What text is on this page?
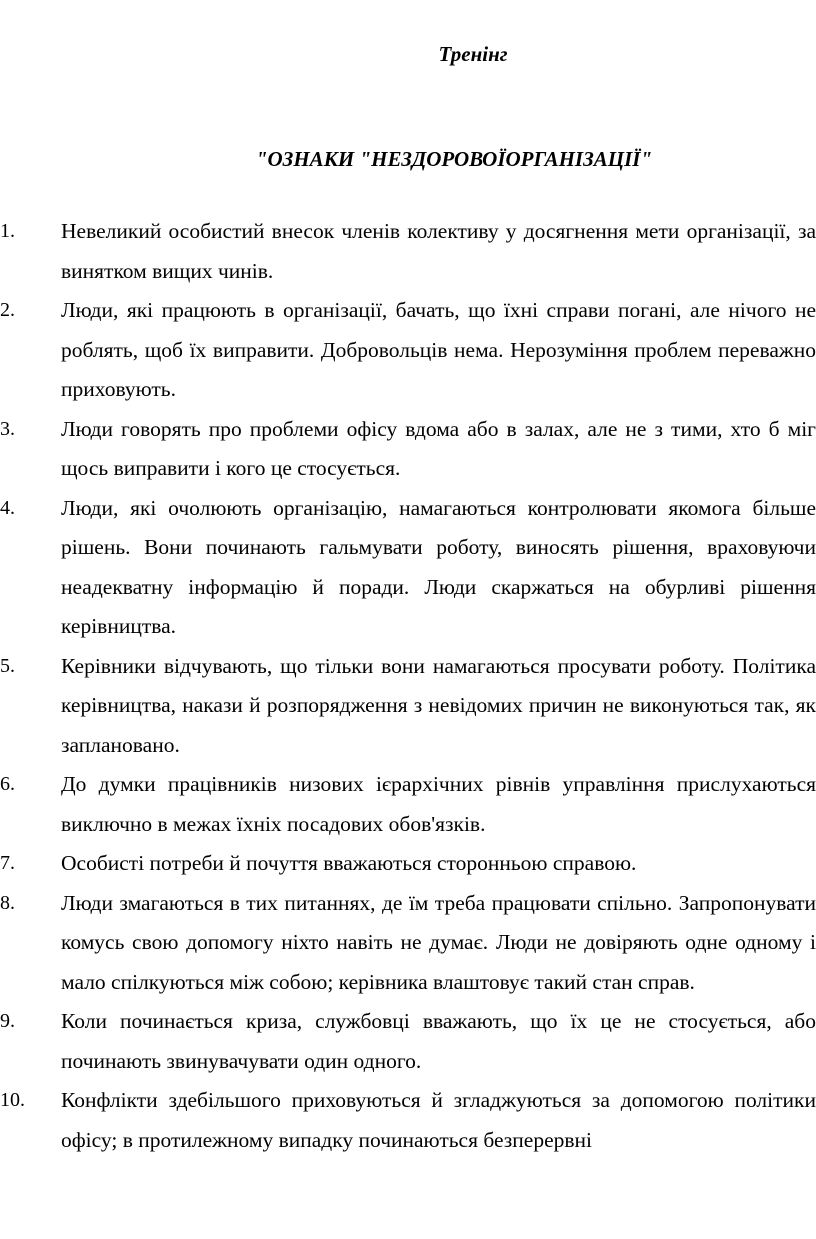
Тренінг
"ОЗНАКИ "НЕЗДОРОВОЇОРГАНІЗАЦІЇ"
1. Невеликий особистий внесок членів колективу у досягнення мети організації, за винятком вищих чинів.
2. Люди, які працюють в організації, бачать, що їхні справи погані, але нічого не роблять, щоб їх виправити. Добровольців нема. Нерозуміння проблем переважно приховують.
3. Люди говорять про проблеми офісу вдома або в залах, але не з тими, хто б міг щось виправити і кого це стосується.
4. Люди, які очолюють організацію, намагаються контролювати якомога більше рішень. Вони починають гальмувати роботу, виносять рішення, враховуючи неадекватну інформацію й поради. Люди скаржаться на обурливі рішення керівництва.
5. Керівники відчувають, що тільки вони намагаються просувати роботу. Політика керівництва, накази й розпорядження з невідомих причин не виконуються так, як заплановано.
6. До думки працівників низових ієрархічних рівнів управління прислухаються виключно в межах їхніх посадових обов'язків.
7. Особисті потреби й почуття вважаються сторонньою справою.
8. Люди змагаються в тих питаннях, де їм треба працювати спільно. Запропонувати комусь свою допомогу ніхто навіть не думає. Люди не довіряють одне одному і мало спілкуються між собою; керівника влаштовує такий стан справ.
9. Коли починається криза, службовці вважають, що їх це не стосується, або починають звинувачувати один одного.
10. Конфлікти здебільшого приховуються й згладжуються за допомогою політики офісу; в протилежному випадку починаються безперервні
